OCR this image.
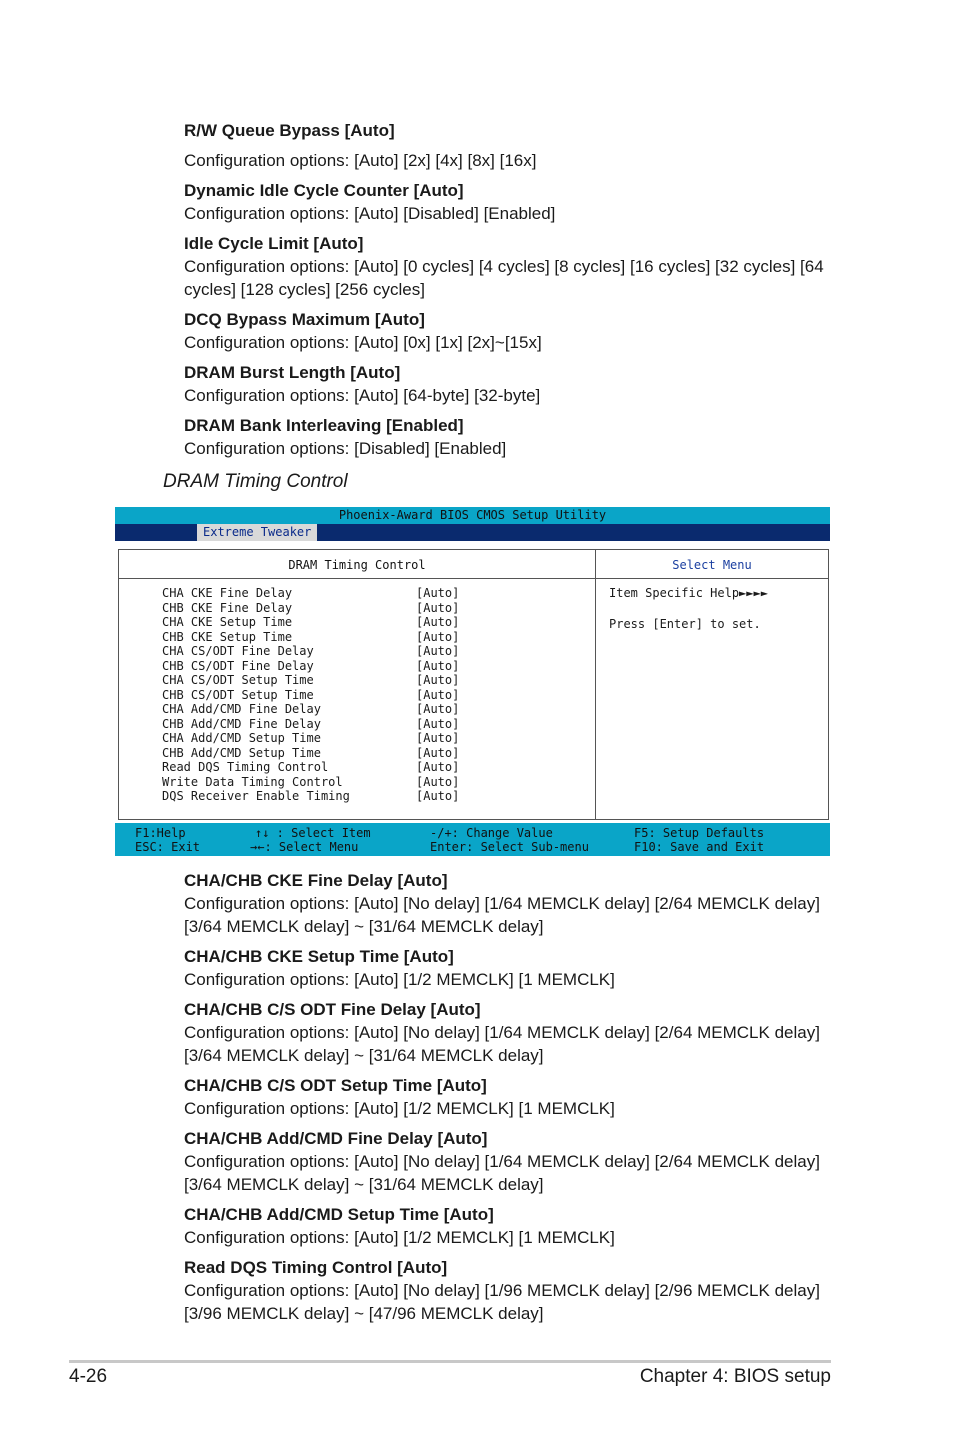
R/W Queue Bypass [Auto]

Configuration options: [Auto] [2x] [4x] [8x] [16x]

Dynamic Idle Cycle Counter [Auto]

Configuration options: [Auto] [Disabled] [Enabled]

Idle Cycle Limit [Auto]

Configuration options: [Auto] [0 cycles] [4 cycles] [8 cycles] [16 cycles] [32 cycles] [64 cycles] [128 cycles] [256 cycles]

DCQ Bypass Maximum [Auto]

Configuration options: [Auto] [0x] [1x] [2x]~[15x]

DRAM Burst Length [Auto]

Configuration options: [Auto] [64-byte] [32-byte]

DRAM Bank Interleaving [Enabled]

Configuration options: [Disabled] [Enabled]

DRAM Timing Control
Phoenix-Award BIOS CMOS Setup Utility
Extreme Tweaker
DRAM Timing Control	Select Menu
CHA CKE Fine Delay	[Auto]
CHB CKE Fine Delay	[Auto]
CHA CKE Setup Time	[Auto]
CHB CKE Setup Time	[Auto]
CHA CS/ODT Fine Delay	[Auto]
CHB CS/ODT Fine Delay	[Auto]
CHA CS/ODT Setup Time	[Auto]
CHB CS/ODT Setup Time	[Auto]
CHA Add/CMD Fine Delay	[Auto]
CHB Add/CMD Fine Delay	[Auto]
CHA Add/CMD Setup Time	[Auto]
CHB Add/CMD Setup Time	[Auto]
Read DQS Timing Control	[Auto]
Write Data Timing Control	[Auto]
DQS Receiver Enable Timing	[Auto]
Item Specific Help►►►►
Press [Enter] to set.
F1:Help
ESC: Exit
↑↓ : Select Item
→←: Select Menu
-/+: Change Value
Enter: Select Sub-menu
F5: Setup Defaults
F10: Save and Exit
CHA/CHB CKE Fine Delay [Auto]

Configuration options: [Auto] [No delay] [1/64 MEMCLK delay] [2/64 MEMCLK delay] [3/64 MEMCLK delay] ~ [31/64 MEMCLK delay]

CHA/CHB CKE Setup Time [Auto]

Configuration options: [Auto] [1/2 MEMCLK] [1 MEMCLK]

CHA/CHB C/S ODT Fine Delay [Auto]

Configuration options: [Auto] [No delay] [1/64 MEMCLK delay] [2/64 MEMCLK delay] [3/64 MEMCLK delay] ~ [31/64 MEMCLK delay]

CHA/CHB C/S ODT Setup Time [Auto]

Configuration options: [Auto] [1/2 MEMCLK] [1 MEMCLK]

CHA/CHB Add/CMD Fine Delay [Auto]

Configuration options: [Auto] [No delay] [1/64 MEMCLK delay] [2/64 MEMCLK delay] [3/64 MEMCLK delay] ~ [31/64 MEMCLK delay]

CHA/CHB Add/CMD Setup Time [Auto]

Configuration options: [Auto] [1/2 MEMCLK] [1 MEMCLK]

Read DQS Timing Control [Auto]

Configuration options: [Auto] [No delay] [1/96 MEMCLK delay] [2/96 MEMCLK delay] [3/96 MEMCLK delay] ~ [47/96 MEMCLK delay]

4-26	Chapter 4: BIOS setup
